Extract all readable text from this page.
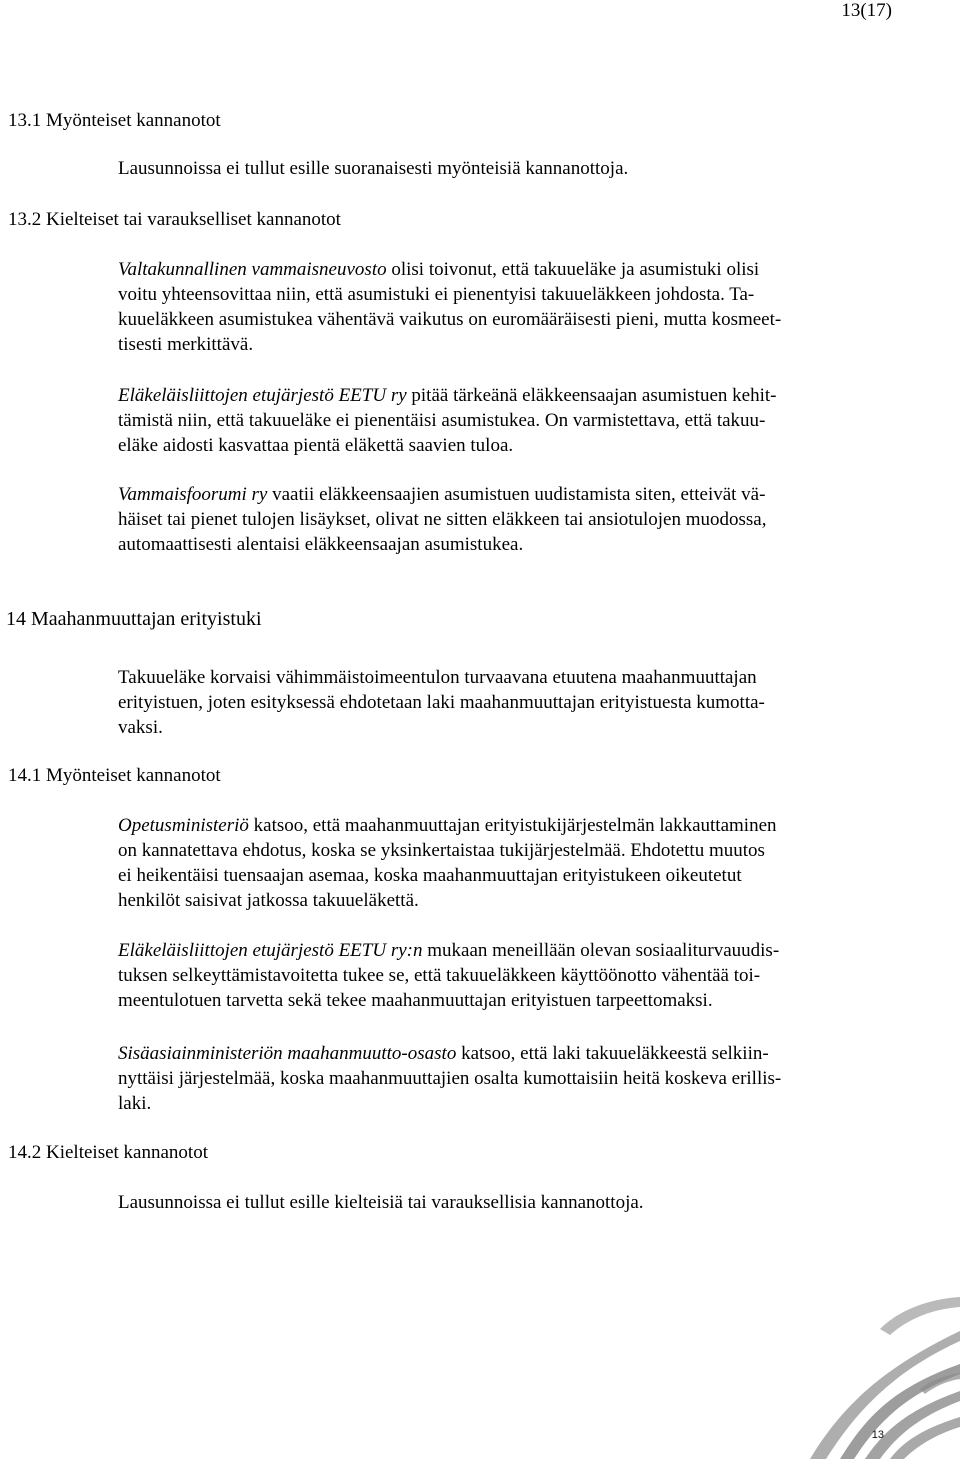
13(17)
13.1 Myönteiset kannanotot

Lausunnoissa ei tullut esille suoranaisesti myönteisiä kannanottoja.

13.2 Kielteiset tai varaukselliset kannanotot

Valtakunnallinen vammaisneuvosto olisi toivonut, että takuueläke ja asumistuki olisi
voitu yhteensovittaa niin, että asumistuki ei pienentyisi takuueläkkeen johdosta. Ta-
kuueläkkeen asumistukea vähentävä vaikutus on euromääräisesti pieni, mutta kosmeet-
tisesti merkittävä.

Eläkeläisliittojen etujärjestö EETU ry pitää tärkeänä eläkkeensaajan asumistuen kehit-
tämistä niin, että takuueläke ei pienentäisi asumistukea. On varmistettava, että takuu-
eläke aidosti kasvattaa pientä eläkettä saavien tuloa.

Vammaisfoorumi ry vaatii eläkkeensaajien asumistuen uudistamista siten, etteivät vä-
häiset tai pienet tulojen lisäykset, olivat ne sitten eläkkeen tai ansiotulojen muodossa,
automaattisesti alentaisi eläkkeensaajan asumistukea.

14 Maahanmuuttajan erityistuki

Takuueläke korvaisi vähimmäistoimeentulon turvaavana etuutena maahanmuuttajan
erityistuen, joten esityksessä ehdotetaan laki maahanmuuttajan erityistuesta kumotta-
vaksi.

14.1 Myönteiset kannanotot

Opetusministeriö katsoo, että maahanmuuttajan erityistukijärjestelmän lakkauttaminen
on kannatettava ehdotus, koska se yksinkertaistaa tukijärjestelmää. Ehdotettu muutos
ei heikentäisi tuensaajan asemaa, koska maahanmuuttajan erityistukeen oikeutetut
henkilöt saisivat jatkossa takuueläkettä.

Eläkeläisliittojen etujärjestö EETU ry:n mukaan meneillään olevan sosiaaliturvauudis-
tuksen selkeyttämistavoitetta tukee se, että takuueläkkeen käyttöönotto vähentää toi-
meentulotuen tarvetta sekä tekee maahanmuuttajan erityistuen tarpeettomaksi.

Sisäasiainministeriön maahanmuutto-osasto katsoo, että laki takuueläkkeestä selkiin-
nyttäisi järjestelmää, koska maahanmuuttajien osalta kumottaisiin heitä koskeva erillis-
laki.

14.2 Kielteiset kannanotot

Lausunnoissa ei tullut esille kielteisiä tai varauksellisia kannanottoja.

13
